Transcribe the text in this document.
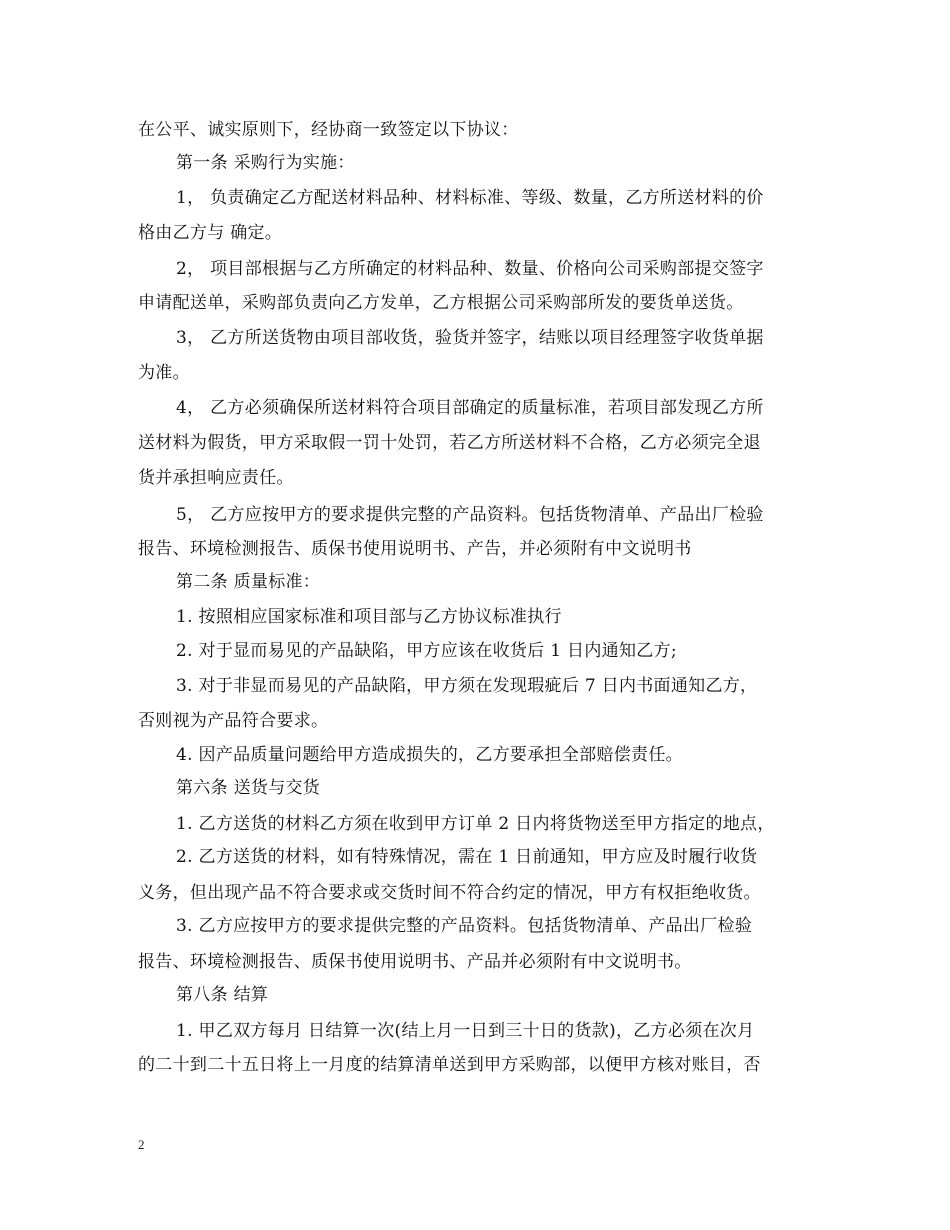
在公平、诚实原则下，经协商一致签定以下协议：
第一条 采购行为实施：
1， 负责确定乙方配送材料品种、材料标准、等级、数量，乙方所送材料的价
格由乙方与 确定。
2， 项目部根据与乙方所确定的材料品种、数量、价格向公司采购部提交签字
申请配送单，采购部负责向乙方发单，乙方根据公司采购部所发的要货单送货。
3， 乙方所送货物由项目部收货，验货并签字，结账以项目经理签字收货单据
为准。
4， 乙方必须确保所送材料符合项目部确定的质量标准，若项目部发现乙方所
送材料为假货，甲方采取假一罚十处罚，若乙方所送材料不合格，乙方必须完全退
货并承担响应责任。
5， 乙方应按甲方的要求提供完整的产品资料。包括货物清单、产品出厂检验
报告、环境检测报告、质保书使用说明书、产告，并必须附有中文说明书
第二条 质量标准：
1. 按照相应国家标准和项目部与乙方协议标准执行
2. 对于显而易见的产品缺陷，甲方应该在收货后 1 日内通知乙方;
3. 对于非显而易见的产品缺陷，甲方须在发现瑕疵后 7 日内书面通知乙方，
否则视为产品符合要求。
4. 因产品质量问题给甲方造成损失的，乙方要承担全部赔偿责任。
第六条 送货与交货
1. 乙方送货的材料乙方须在收到甲方订单 2 日内将货物送至甲方指定的地点，
2. 乙方送货的材料，如有特殊情况，需在 1 日前通知，甲方应及时履行收货
义务，但出现产品不符合要求或交货时间不符合约定的情况，甲方有权拒绝收货。
3. 乙方应按甲方的要求提供完整的产品资料。包括货物清单、产品出厂检验
报告、环境检测报告、质保书使用说明书、产品并必须附有中文说明书。
第八条 结算
1. 甲乙双方每月 日结算一次(结上月一日到三十日的货款)，乙方必须在次月
的二十到二十五日将上一月度的结算清单送到甲方采购部，以便甲方核对账目，否
2
